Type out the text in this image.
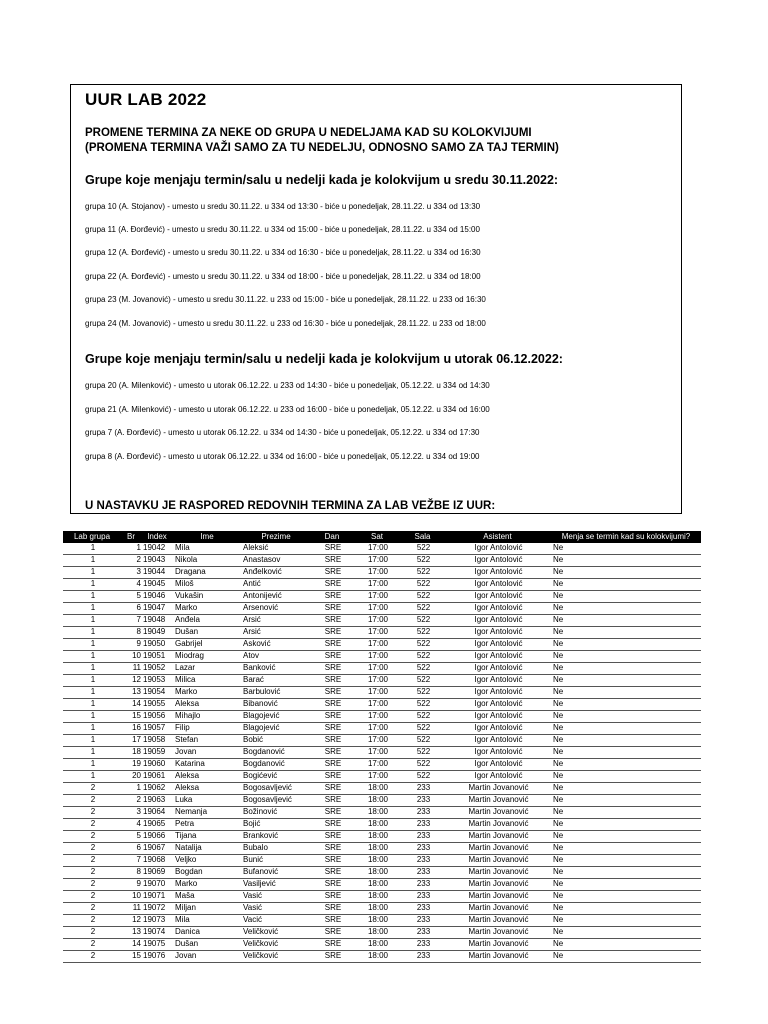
UUR LAB 2022
PROMENE TERMINA ZA NEKE OD GRUPA U NEDELJAMA KAD SU KOLOKVIJUMI
(PROMENA TERMINA VAŽI SAMO ZA TU NEDELJU, ODNOSNO SAMO ZA TAJ TERMIN)
Grupe koje menjaju termin/salu u nedelji kada je kolokvijum u sredu 30.11.2022:
grupa 10 (A. Stojanov) - umesto u sredu 30.11.22. u 334 od 13:30 - biće u ponedeljak, 28.11.22. u 334 od 13:30
grupa 11 (A. Đorđević) - umesto u sredu 30.11.22. u 334 od 15:00 - biće u ponedeljak, 28.11.22. u 334 od 15:00
grupa 12 (A. Đorđević) - umesto u sredu 30.11.22. u 334 od 16:30 - biće u ponedeljak, 28.11.22. u 334 od 16:30
grupa 22 (A. Đorđević) - umesto u sredu 30.11.22. u 334 od 18:00 - biće u ponedeljak, 28.11.22. u 334 od 18:00
grupa 23 (M. Jovanović) - umesto u sredu 30.11.22. u 233 od 15:00 - biće u ponedeljak, 28.11.22. u 233 od 16:30
grupa 24 (M. Jovanović) - umesto u sredu 30.11.22. u 233 od 16:30 - biće u ponedeljak, 28.11.22. u 233 od 18:00
Grupe koje menjaju termin/salu u nedelji kada je kolokvijum u utorak 06.12.2022:
grupa 20 (A. Milenković) - umesto u utorak 06.12.22. u 233 od 14:30 - biće u ponedeljak, 05.12.22. u 334 od 14:30
grupa 21 (A. Milenković) - umesto u utorak 06.12.22. u 233 od 16:00 - biće u ponedeljak, 05.12.22. u 334 od 16:00
grupa 7 (A. Đorđević) - umesto u utorak 06.12.22. u 334 od 14:30 - biće u ponedeljak, 05.12.22. u 334 od 17:30
grupa 8 (A. Đorđević) - umesto u utorak 06.12.22. u 334 od 16:00 - biće u ponedeljak, 05.12.22. u 334 od 19:00
U NASTAVKU JE RASPORED REDOVNIH TERMINA ZA LAB VEŽBE IZ UUR:
Lab grupa	Br	Index	Ime	Prezime	Dan	Sat	Sala	Asistent	Menja se termin kad su kolokvijumi?
1	1	19042	Mila	Aleksić	SRE	17:00	522	Igor Antolović	Ne
1	2	19043	Nikola	Anastasov	SRE	17:00	522	Igor Antolović	Ne
1	3	19044	Dragana	Anđelković	SRE	17:00	522	Igor Antolović	Ne
1	4	19045	Miloš	Antić	SRE	17:00	522	Igor Antolović	Ne
1	5	19046	Vukašin	Antonijević	SRE	17:00	522	Igor Antolović	Ne
1	6	19047	Marko	Arsenović	SRE	17:00	522	Igor Antolović	Ne
1	7	19048	Anđela	Arsić	SRE	17:00	522	Igor Antolović	Ne
1	8	19049	Dušan	Arsić	SRE	17:00	522	Igor Antolović	Ne
1	9	19050	Gabrijel	Asković	SRE	17:00	522	Igor Antolović	Ne
1	10	19051	Miodrag	Atov	SRE	17:00	522	Igor Antolović	Ne
1	11	19052	Lazar	Banković	SRE	17:00	522	Igor Antolović	Ne
1	12	19053	Milica	Barać	SRE	17:00	522	Igor Antolović	Ne
1	13	19054	Marko	Barbulović	SRE	17:00	522	Igor Antolović	Ne
1	14	19055	Aleksa	Bibanović	SRE	17:00	522	Igor Antolović	Ne
1	15	19056	Mihajlo	Blagojević	SRE	17:00	522	Igor Antolović	Ne
1	16	19057	Filip	Blagojević	SRE	17:00	522	Igor Antolović	Ne
1	17	19058	Stefan	Bobić	SRE	17:00	522	Igor Antolović	Ne
1	18	19059	Jovan	Bogdanović	SRE	17:00	522	Igor Antolović	Ne
1	19	19060	Katarina	Bogdanović	SRE	17:00	522	Igor Antolović	Ne
1	20	19061	Aleksa	Bogićević	SRE	17:00	522	Igor Antolović	Ne
2	1	19062	Aleksa	Bogosavljević	SRE	18:00	233	Martin Jovanović	Ne
2	2	19063	Luka	Bogosavljević	SRE	18:00	233	Martin Jovanović	Ne
2	3	19064	Nemanja	Božinović	SRE	18:00	233	Martin Jovanović	Ne
2	4	19065	Petra	Bojić	SRE	18:00	233	Martin Jovanović	Ne
2	5	19066	Tijana	Branković	SRE	18:00	233	Martin Jovanović	Ne
2	6	19067	Natalija	Bubalo	SRE	18:00	233	Martin Jovanović	Ne
2	7	19068	Veljko	Bunić	SRE	18:00	233	Martin Jovanović	Ne
2	8	19069	Bogdan	Bufanović	SRE	18:00	233	Martin Jovanović	Ne
2	9	19070	Marko	Vasiljević	SRE	18:00	233	Martin Jovanović	Ne
2	10	19071	Maša	Vasić	SRE	18:00	233	Martin Jovanović	Ne
2	11	19072	Miljan	Vasić	SRE	18:00	233	Martin Jovanović	Ne
2	12	19073	Mila	Vacić	SRE	18:00	233	Martin Jovanović	Ne
2	13	19074	Danica	Veličković	SRE	18:00	233	Martin Jovanović	Ne
2	14	19075	Dušan	Veličković	SRE	18:00	233	Martin Jovanović	Ne
2	15	19076	Jovan	Veličković	SRE	18:00	233	Martin Jovanović	Ne
